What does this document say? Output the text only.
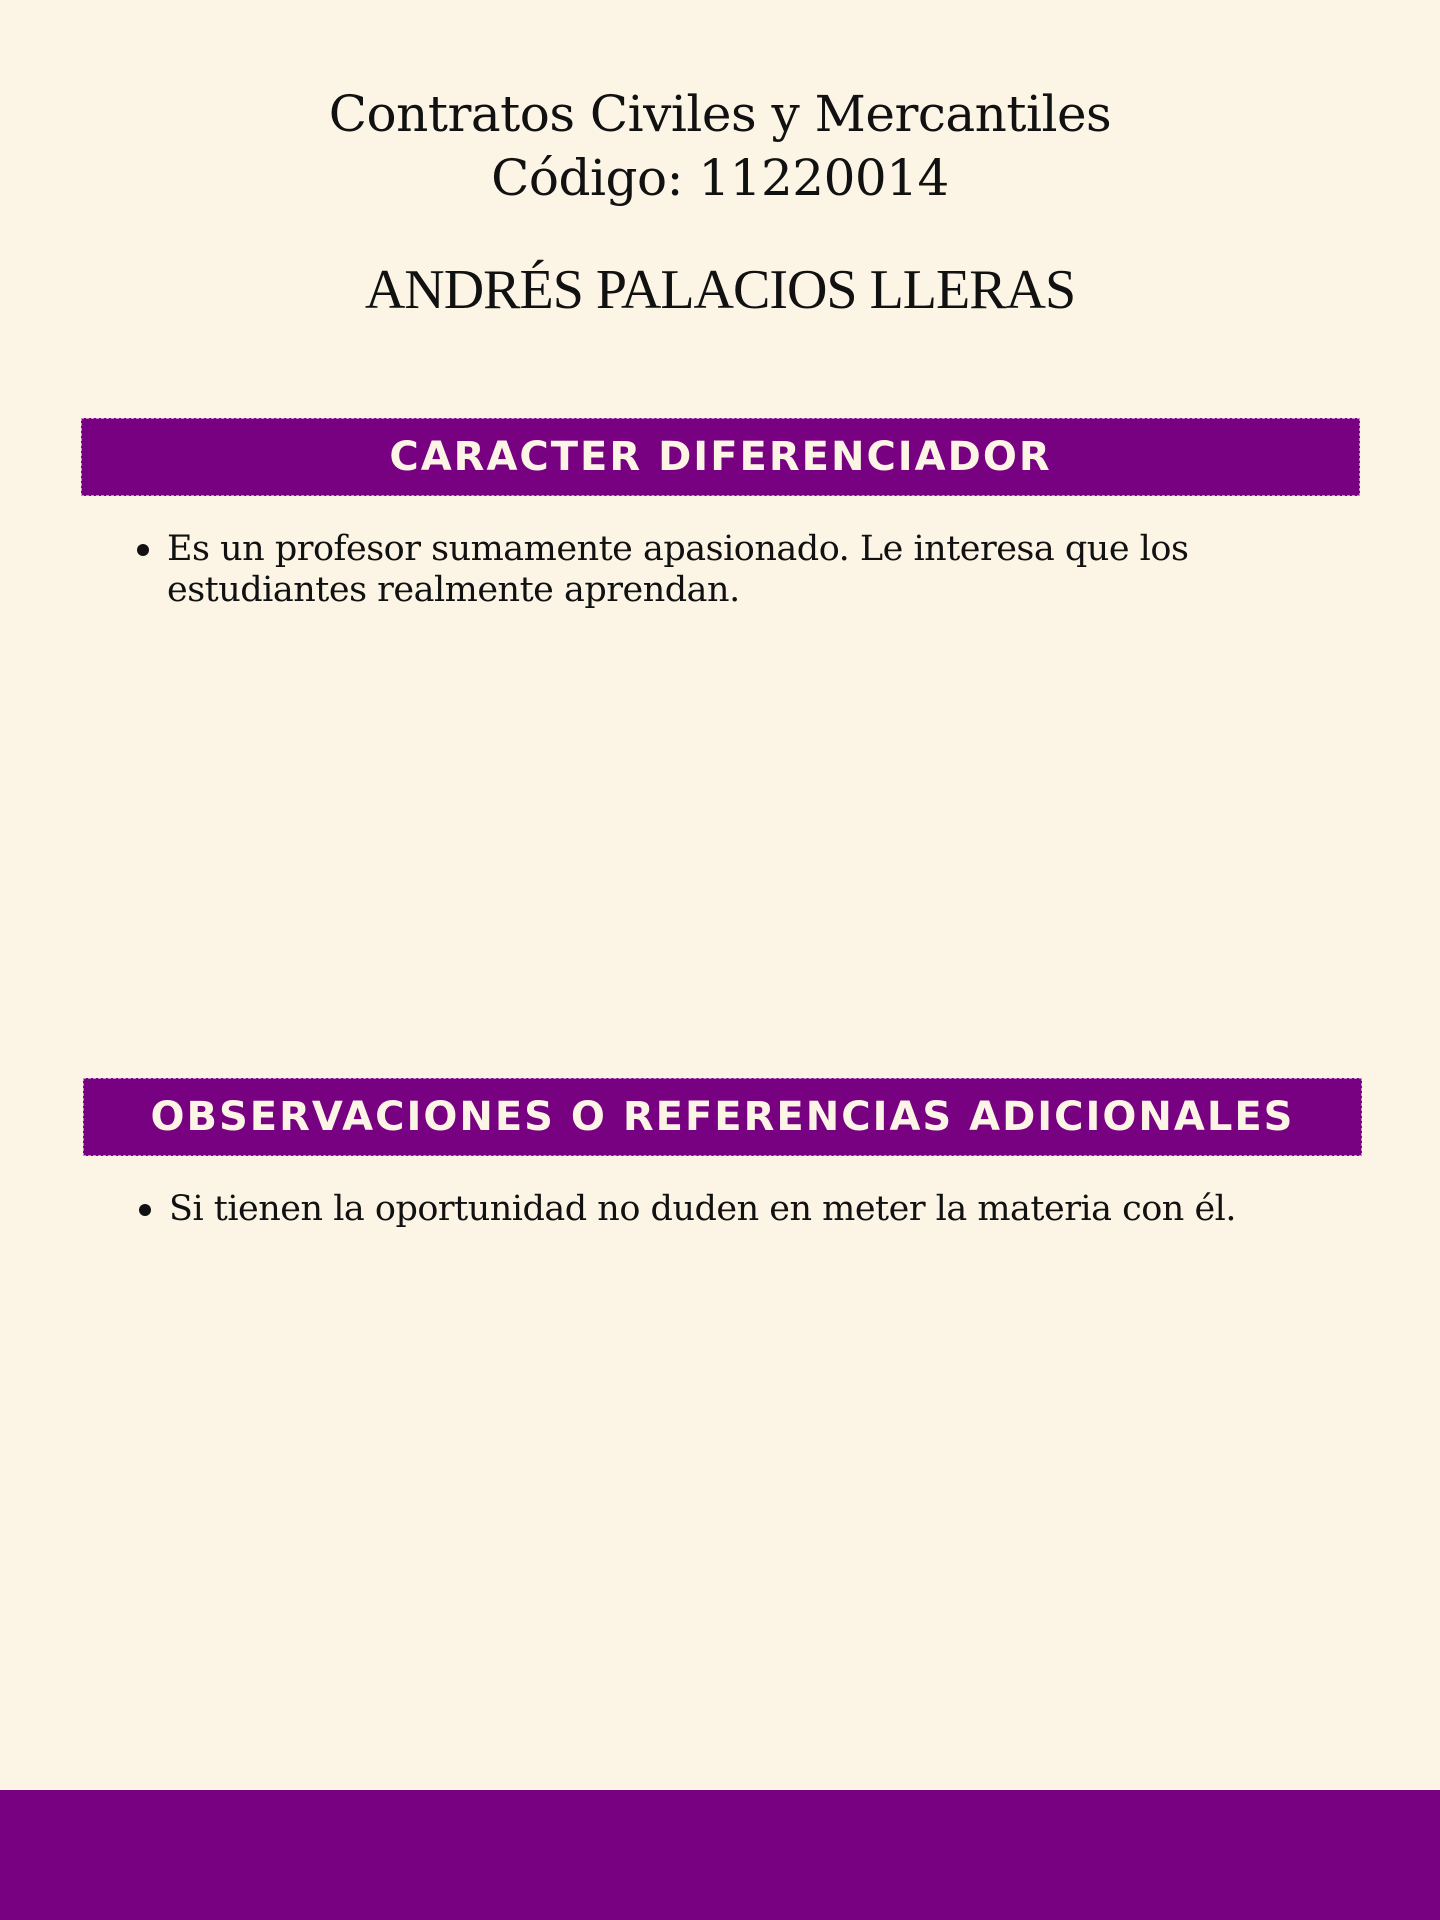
Contratos Civiles y Mercantiles
Código: 11220014

ANDRÉS PALACIOS LLERAS

CARACTER DIFERENCIADOR
Es un profesor sumamente apasionado. Le interesa que los estudiantes realmente aprendan.
OBSERVACIONES O REFERENCIAS ADICIONALES
Si tienen la oportunidad no duden en meter la materia con él.
